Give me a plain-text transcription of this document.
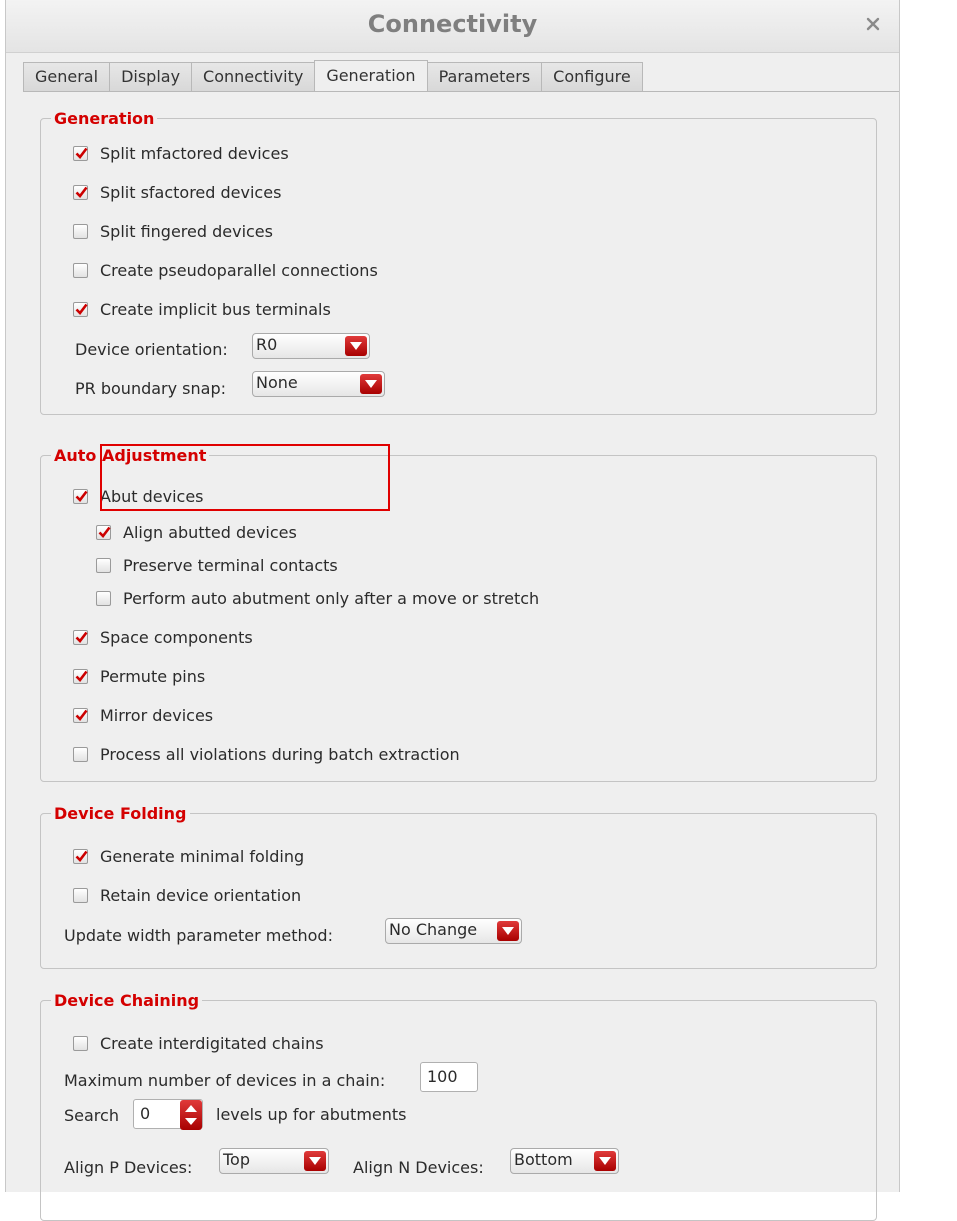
Connectivity
General	Display	Connectivity	Generation	Parameters	Configure
Generation
Split mfactored devices
Split sfactored devices
Split fingered devices
Create pseudoparallel connections
Create implicit bus terminals
Device orientation: R0
PR boundary snap: None
Auto Adjustment
Abut devices
Align abutted devices
Preserve terminal contacts
Perform auto abutment only after a move or stretch
Space components
Permute pins
Mirror devices
Process all violations during batch extraction
Device Folding
Generate minimal folding
Retain device orientation
Update width parameter method:	No Change
Device Chaining
Create interdigitated chains
Maximum number of devices in a chain:	100
Search 0	levels up for abutments
Align P Devices: Top	Align N Devices: Bottom
